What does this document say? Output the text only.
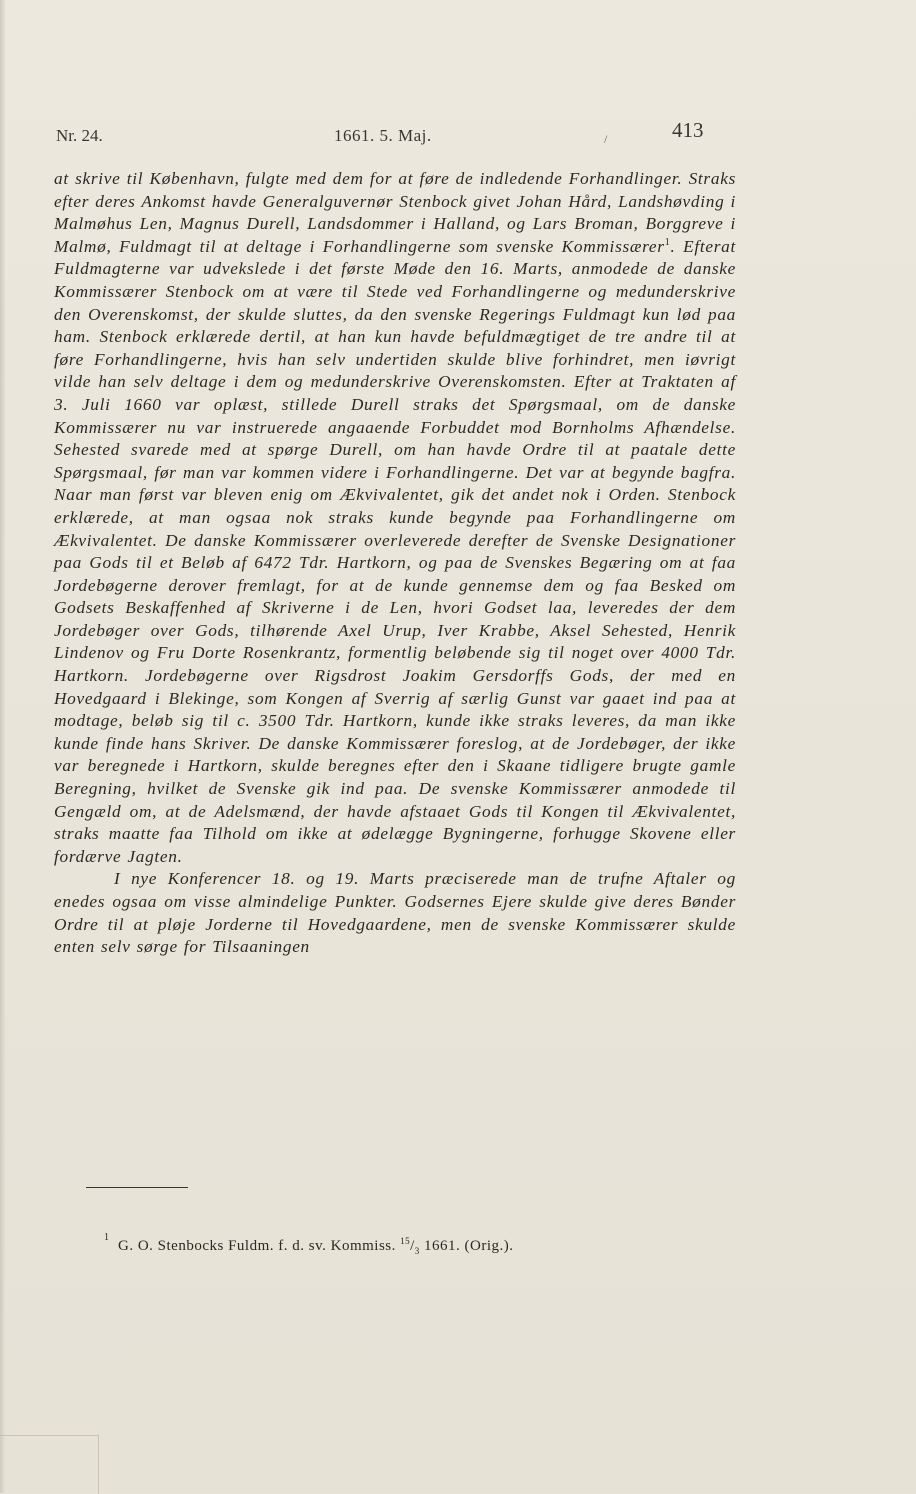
Nr. 24.	1661. 5. Maj.	/	413

at skrive til København, fulgte med dem for at føre de indledende Forhandlinger. Straks efter deres Ankomst havde Generalguvernør Stenbock givet Johan Hård, Landshøvding i Malmøhus Len, Magnus Durell, Landsdommer i Halland, og Lars Broman, Borggreve i Malmø, Fuldmagt til at deltage i Forhandlingerne som svenske Kommissærer$^1$. Efterat Fuldmagterne var udvekslede i det første Møde den 16. Marts, anmodede de danske Kommissærer Stenbock om at være til Stede ved Forhandlingerne og medunderskrive den Overenskomst, der skulde sluttes, da den svenske Regerings Fuldmagt kun lød paa ham. Stenbock erklærede dertil, at han kun havde befuldmægtiget de tre andre til at føre Forhandlingerne, hvis han selv undertiden skulde blive forhindret, men iøvrigt vilde han selv deltage i dem og medunderskrive Overenskomsten. Efter at Traktaten af 3. Juli 1660 var oplæst, stillede Durell straks det Spørgsmaal, om de danske Kommissærer nu var instruerede angaaende Forbuddet mod Bornholms Afhændelse. Sehested svarede med at spørge Durell, om han havde Ordre til at paatale dette Spørgsmaal, før man var kommen videre i Forhandlingerne. Det var at begynde bagfra. Naar man først var bleven enig om Ækvivalentet, gik det andet nok i Orden. Stenbock erklærede, at man ogsaa nok straks kunde begynde paa Forhandlingerne om Ækvivalentet. De danske Kommissærer overleverede derefter de Svenske Designationer paa Gods til et Beløb af 6472 Tdr. Hartkorn, og paa de Svenskes Begæring om at faa Jordebøgerne derover fremlagt, for at de kunde gennemse dem og faa Besked om Godsets Beskaffenhed af Skriverne i de Len, hvori Godset laa, leveredes der dem Jordebøger over Gods, tilhørende Axel Urup, Iver Krabbe, Aksel Sehested, Henrik Lindenov og Fru Dorte Rosenkrantz, formentlig beløbende sig til noget over 4000 Tdr. Hartkorn. Jordebøgerne over Rigsdrost Joakim Gersdorffs Gods, der med en Hovedgaard i Blekinge, som Kongen af Sverrig af særlig Gunst var gaaet ind paa at modtage, beløb sig til c. 3500 Tdr. Hartkorn, kunde ikke straks leveres, da man ikke kunde finde hans Skriver. De danske Kommissærer foreslog, at de Jordebøger, der ikke var beregnede i Hartkorn, skulde beregnes efter den i Skaane tidligere brugte gamle Beregning, hvilket de Svenske gik ind paa. De svenske Kommissærer anmodede til Gengæld om, at de Adelsmænd, der havde afstaaet Gods til Kongen til Ækvivalentet, straks maatte faa Tilhold om ikke at ødelægge Bygningerne, forhugge Skovene eller fordærve Jagten.

I nye Konferencer 18. og 19. Marts præciserede man de trufne Aftaler og enedes ogsaa om visse almindelige Punkter. Godsernes Ejere skulde give deres Bønder Ordre til at pløje Jorderne til Hovedgaardene, men de svenske Kommissærer skulde enten selv sørge for Tilsaaningen

1
G. O. Stenbocks Fuldm. f. d. sv. Kommiss. $^{15}/_3$ 1661. (Orig.).
